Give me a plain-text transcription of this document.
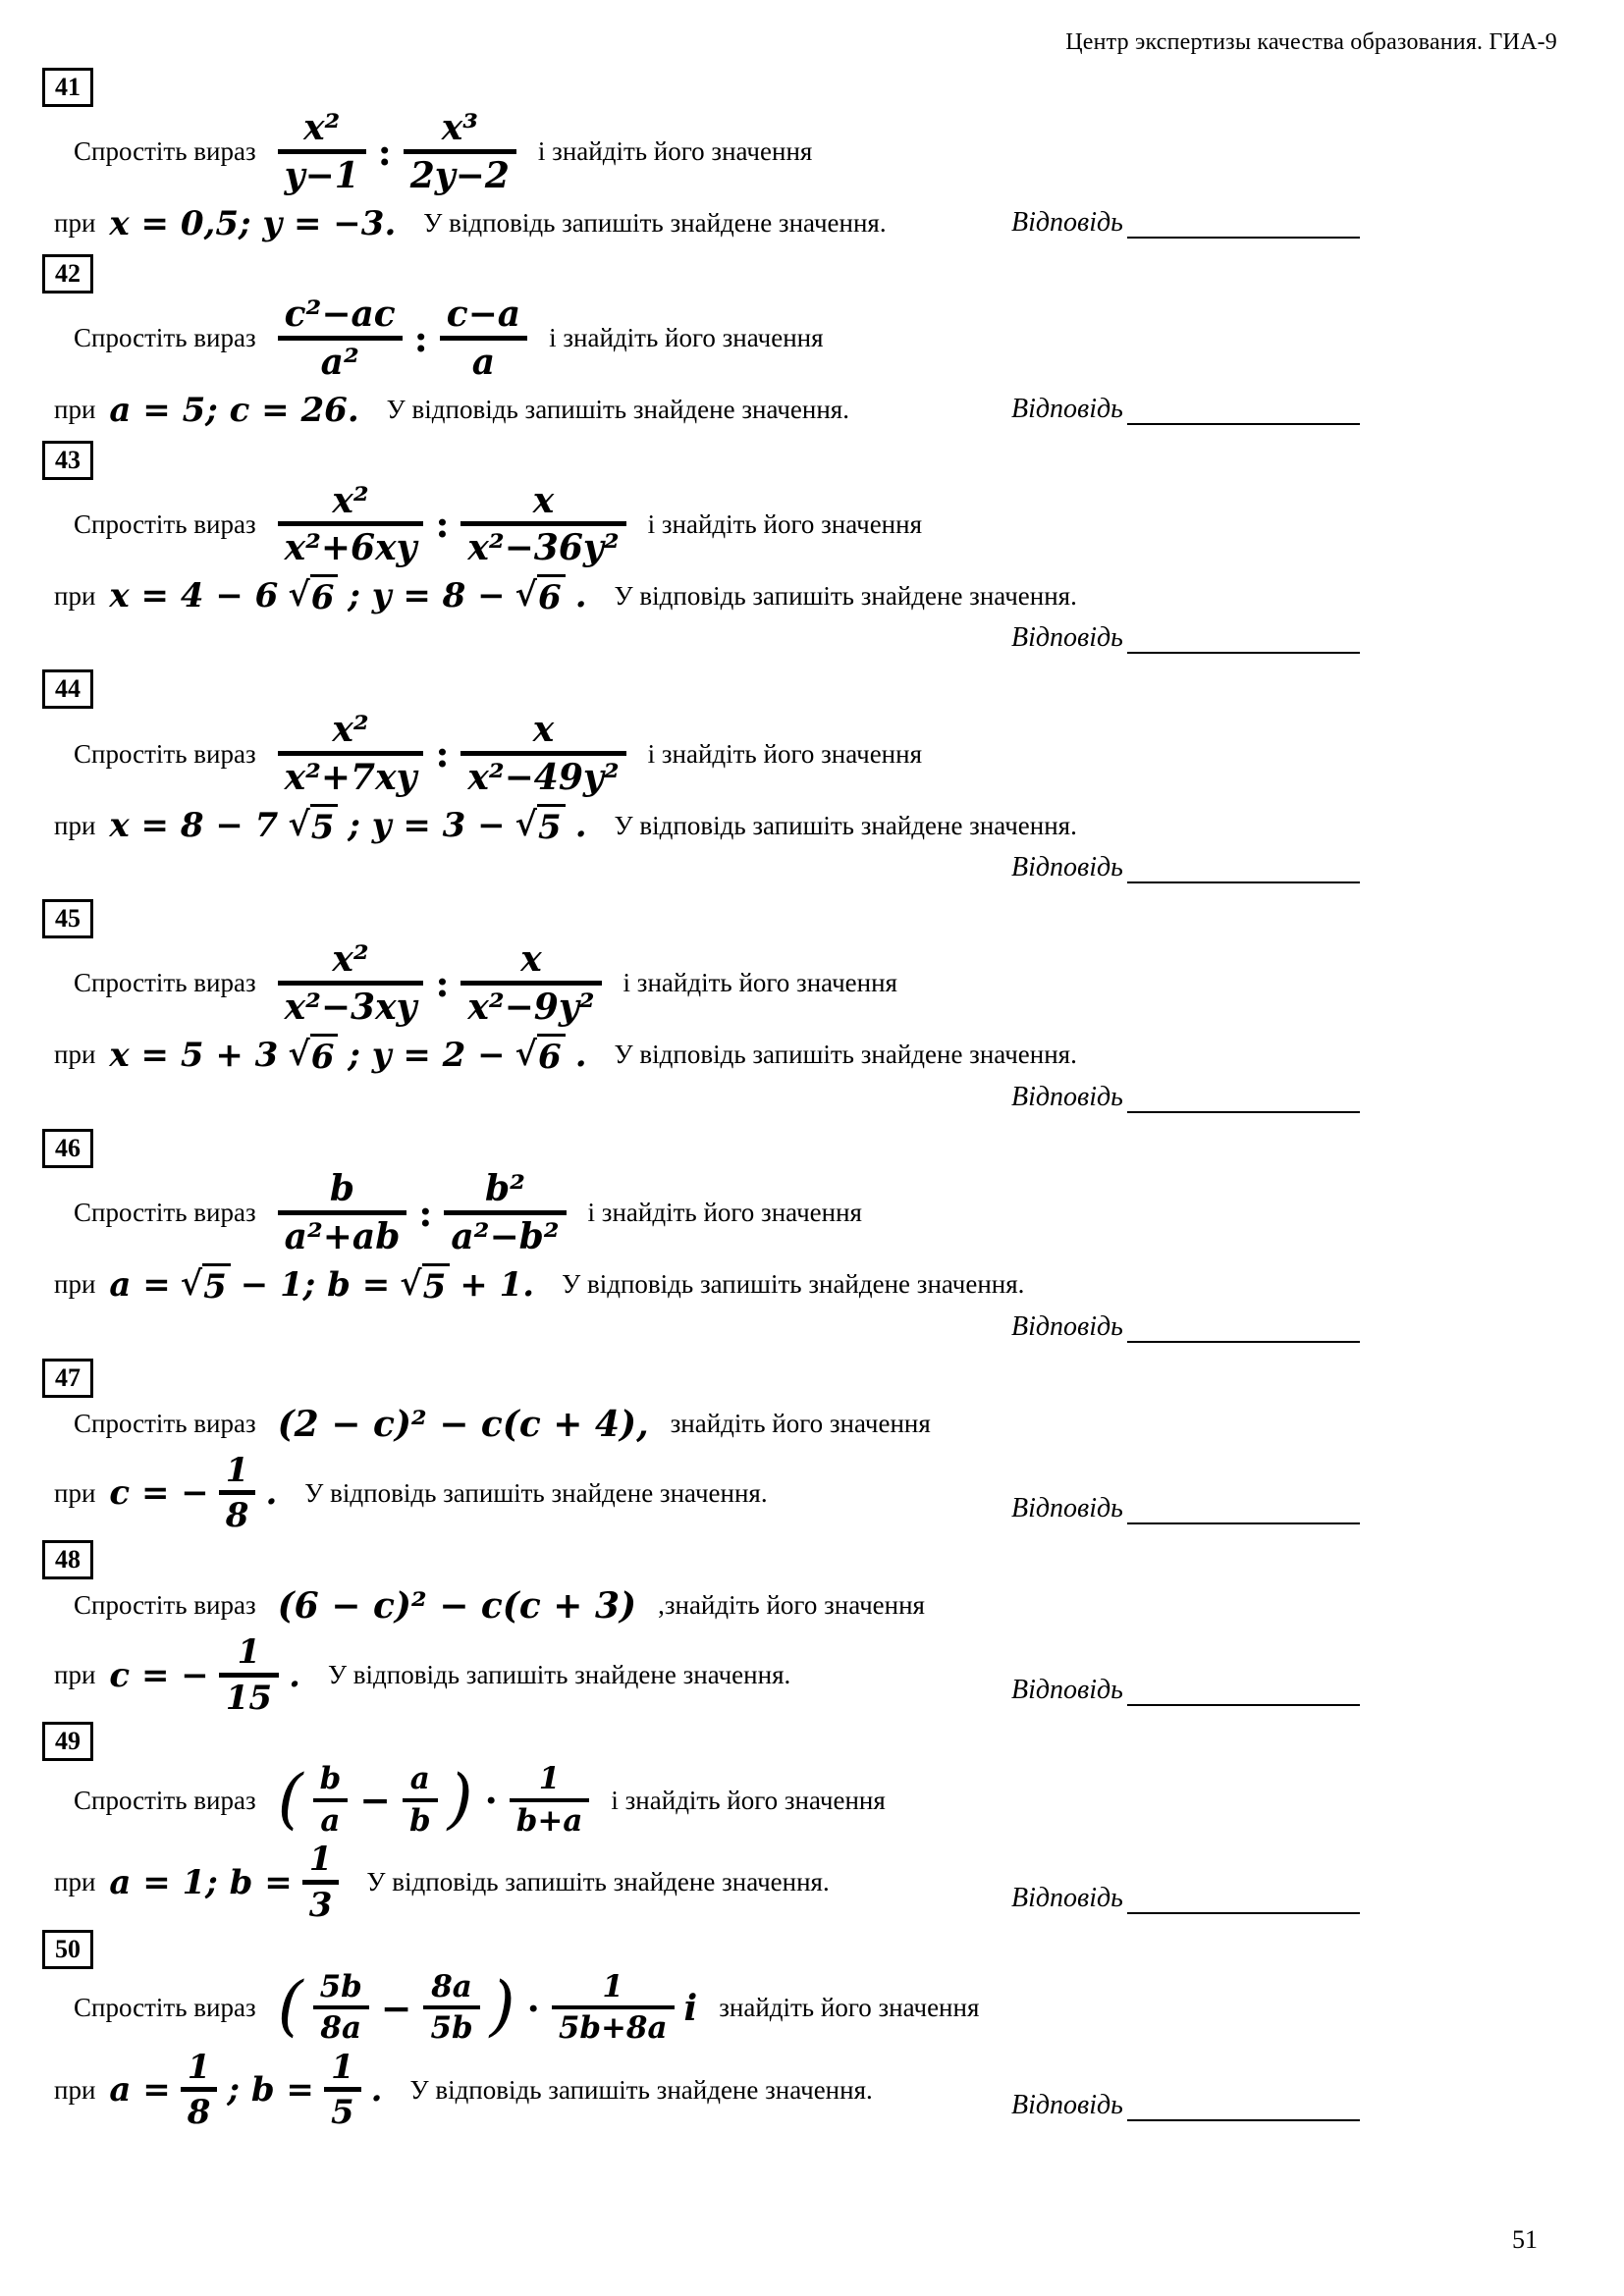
Центр экспертизы качества образования. ГИА-9
41
Спростіть вираз
x²
y−1
:
x³
2y−2
і знайдіть його значення
при x = 0,5; y = −3. У відповідь запишіть знайдене значення.	Відповідь
42
Спростіть вираз
c²−ac
a²
:
c−a
a
і знайдіть його значення
при a = 5; c = 26. У відповідь запишіть знайдене значення.	Відповідь
43
Спростіть вираз
x²
x²+6xy
:
x
x²−36y²
і знайдіть його значення
при x = 4 − 6 √ 6 ; y = 8 − √ 6 . У відповідь запишіть знайдене значення.
Відповідь
44
Спростіть вираз
x²
x²+7xy
:
x
x²−49y²
і знайдіть його значення
при x = 8 − 7 √ 5 ; y = 3 − √ 5 . У відповідь запишіть знайдене значення.
Відповідь
45
Спростіть вираз
x²
x²−3xy
:
x
x²−9y²
і знайдіть його значення
при x = 5 + 3 √ 6 ; y = 2 − √ 6 . У відповідь запишіть знайдене значення.
Відповідь
46
Спростіть вираз
b
a²+ab
:
b²
a²−b²
і знайдіть його значення
при a = √ 5 − 1; b = √ 5 + 1. У відповідь запишіть знайдене значення.
Відповідь
47
Спростіть вираз (2 − c)² − c(c + 4), знайдіть його значення
при c = −
1
8
. У відповідь запишіть знайдене значення.
Відповідь
48
Спростіть вираз (6 − c)² − c(c + 3) ,знайдіть його значення
при c = −
1
15
. У відповідь запишіть знайдене значення.
Відповідь
49
Спростіть вираз ( $\frac{b}{a} - \frac{a}{b}$ ) · $\frac{1}{b+a}$ і знайдіть його значення
при a = 1; b =
1
3
У відповідь запишіть знайдене значення.
Відповідь
50
Спростіть вираз ( $\frac{5b}{8a} - \frac{8a}{5b}$ ) · $\frac{1}{5b+8a}$ і знайдіть його значення
при a =
1
8
; b =
1
5
. У відповідь запишіть знайдене значення.
Відповідь
51
